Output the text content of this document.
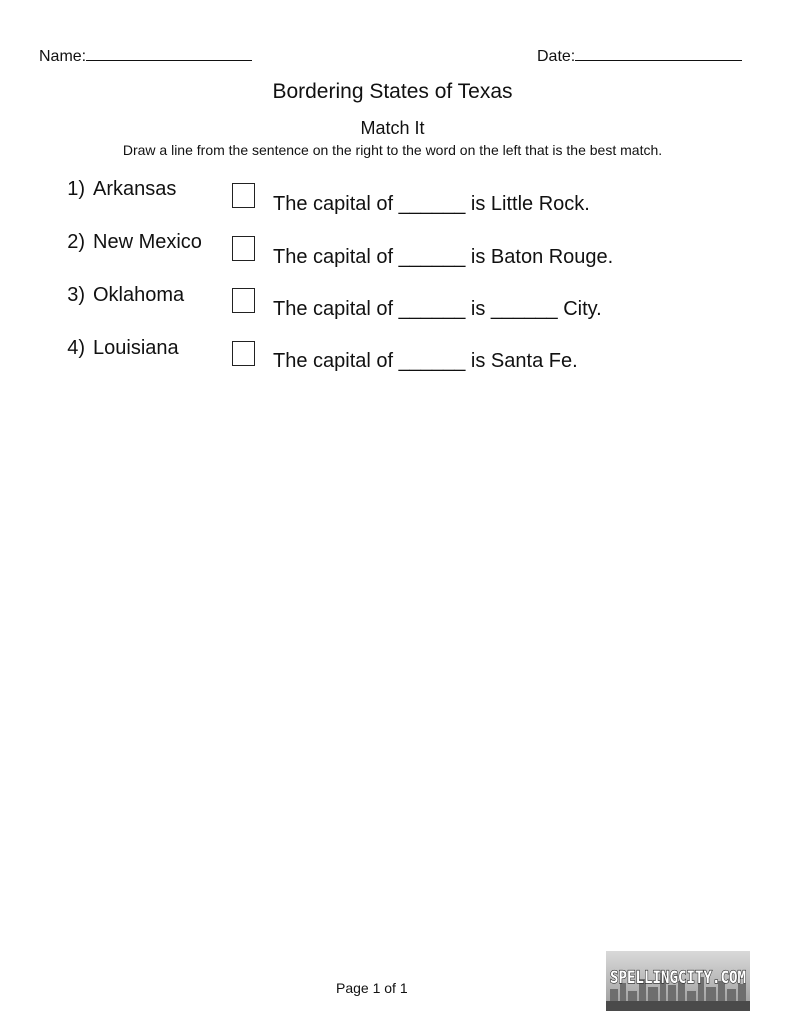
Name:	Date:
Bordering States of Texas
Match It
Draw a line from the sentence on the right to the word on the left that is the best match.
1) Arkansas
2) New Mexico
3) Oklahoma
4) Louisiana
The capital of ______ is Little Rock.
The capital of ______ is Baton Rouge.
The capital of ______ is ______ City.
The capital of ______ is Santa Fe.
Page 1 of 1	SPELLINGCITY.COM
